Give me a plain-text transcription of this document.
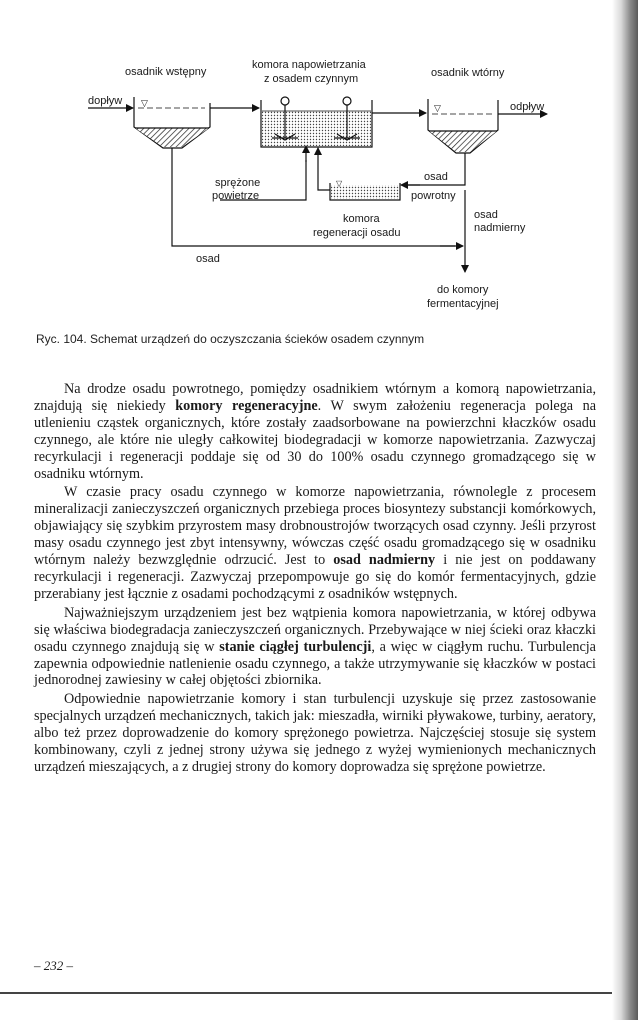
▽	▽
▽
osadnik wstępny
komora napowietrzania
z osadem czynnym	osadnik wtórny
dopływ	odpływ
sprężone
powietrze
osad
powrotny
komora
regeneracji osadu
osad
nadmierny
osad
do komory
fermentacyjnej
Ryc. 104. Schemat urządzeń do oczyszczania ścieków osadem czynnym

Na drodze osadu powrotnego, pomiędzy osadnikiem wtórnym a komorą napowietrzania, znajdują się niekiedy komory regeneracyjne. W swym założeniu regeneracja polega na utlenieniu cząstek organicznych, które zostały zaadsorbowane na powierzchni kłaczków osadu czynnego, ale które nie uległy całkowitej biodegradacji w komorze napowietrzania. Zazwyczaj recyrkulacji i regeneracji poddaje się od 30 do 100% osadu czynnego gromadzącego się w osadniku wtórnym.

W czasie pracy osadu czynnego w komorze napowietrzania, równolegle z procesem mineralizacji zanieczyszczeń organicznych przebiega proces biosyntezy substancji komórkowych, objawiający się szybkim przyrostem masy drobnoustrojów tworzących osad czynny. Jeśli przyrost masy osadu czynnego jest zbyt intensywny, wówczas część osadu gromadzącego się w osadniku wtórnym należy bezwzględnie odrzucić. Jest to osad nadmierny i nie jest on poddawany recyrkulacji i regeneracji. Zazwyczaj przepompowuje go się do komór fermentacyjnych, gdzie przerabiany jest łącznie z osadami pochodzącymi z osadników wstępnych.

Najważniejszym urządzeniem jest bez wątpienia komora napowietrzania, w której odbywa się właściwa biodegradacja zanieczyszczeń organicznych. Przebywające w niej ścieki oraz kłaczki osadu czynnego znajdują się w stanie ciągłej turbulencji, a więc w ciągłym ruchu. Turbulencja zapewnia odpowiednie natlenienie osadu czynnego, a także utrzymywanie się kłaczków w postaci jednorodnej zawiesiny w całej objętości zbiornika.

Odpowiednie napowietrzanie komory i stan turbulencji uzyskuje się przez zastosowanie specjalnych urządzeń mechanicznych, takich jak: mieszadła, wirniki pływakowe, turbiny, aeratory, albo też przez doprowadzenie do komory sprężonego powietrza. Najczęściej stosuje się system kombinowany, czyli z jednej strony używa się jednego z wyżej wymienionych mechanicznych urządzeń mieszających, a z drugiej strony do komory doprowadza się sprężone powietrze.

– 232 –
